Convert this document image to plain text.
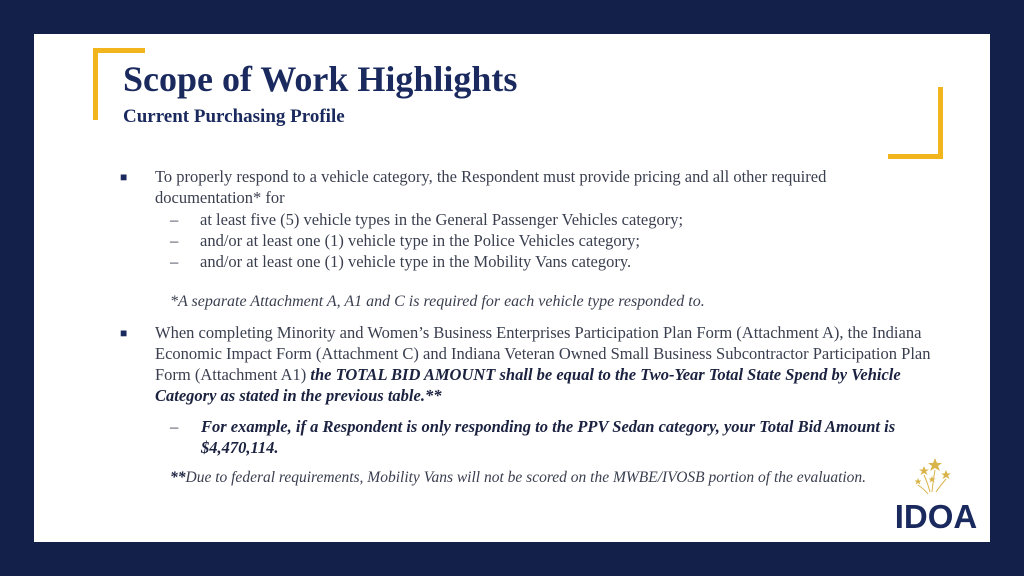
Scope of Work Highlights
Current Purchasing Profile
■ To properly respond to a vehicle category, the Respondent must provide pricing and all other required documentation* for
– at least five (5) vehicle types in the General Passenger Vehicles category;
– and/or at least one (1) vehicle type in the Police Vehicles category;
– and/or at least one (1) vehicle type in the Mobility Vans category.
*A separate Attachment A, A1 and C is required for each vehicle type responded to.
■ When completing Minority and Women’s Business Enterprises Participation Plan Form (Attachment A), the Indiana Economic Impact Form (Attachment C) and Indiana Veteran Owned Small Business Subcontractor Participation Plan Form (Attachment A1) the TOTAL BID AMOUNT shall be equal to the Two-Year Total State Spend by Vehicle Category as stated in the previous table.**
– For example, if a Respondent is only responding to the PPV Sedan category, your Total Bid Amount is $4,470,114.
**Due to federal requirements, Mobility Vans will not be scored on the MWBE/IVOSB portion of the evaluation.
IDOA
